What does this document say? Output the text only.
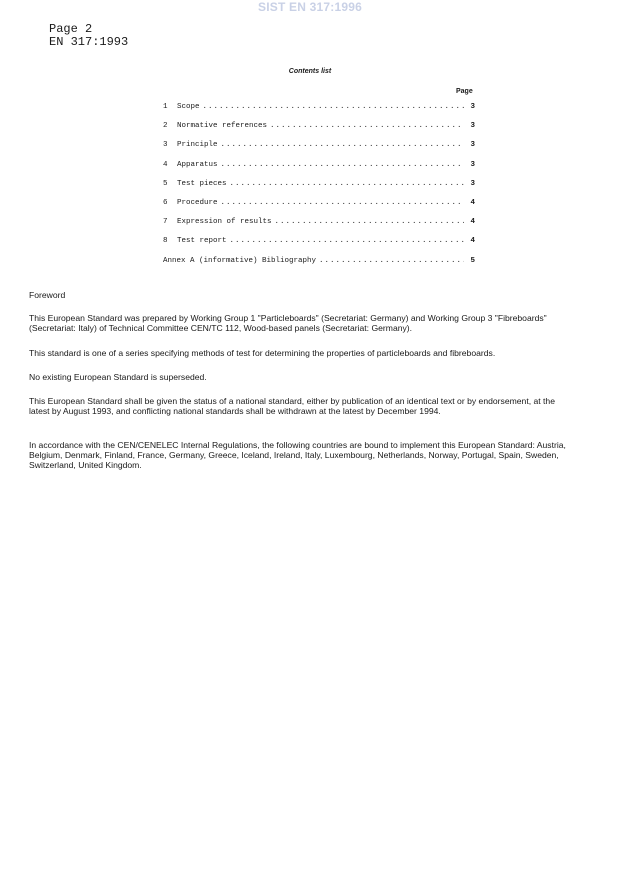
SIST EN 317:1996
Page 2
EN 317:1993
Contents list
Page
1	Scope .....	3
2	Normative references .....	3
3	Principle .....	3
4	Apparatus .....	3
5	Test pieces .....	3
6	Procedure .....	4
7	Expression of results .....	4
8	Test report .....	4
Annex A (informative) Bibliography .....	5
Foreword

This European Standard was prepared by Working Group 1 "Particleboards" (Secretariat: Germany) and Working Group 3 "Fibreboards" (Secretariat: Italy) of Technical Committee CEN/TC 112, Wood-based panels (Secretariat: Germany).

This standard is one of a series specifying methods of test for determining the properties of particleboards and fibreboards.

No existing European Standard is superseded.

This European Standard shall be given the status of a national standard, either by publication of an identical text or by endorsement, at the latest by August 1993, and conflicting national standards shall be withdrawn at the latest by December 1994.

In accordance with the CEN/CENELEC Internal Regulations, the following countries are bound to implement this European Standard: Austria, Belgium, Denmark, Finland, France, Germany, Greece, Iceland, Ireland, Italy, Luxembourg, Netherlands, Norway, Portugal, Spain, Sweden, Switzerland, United Kingdom.
